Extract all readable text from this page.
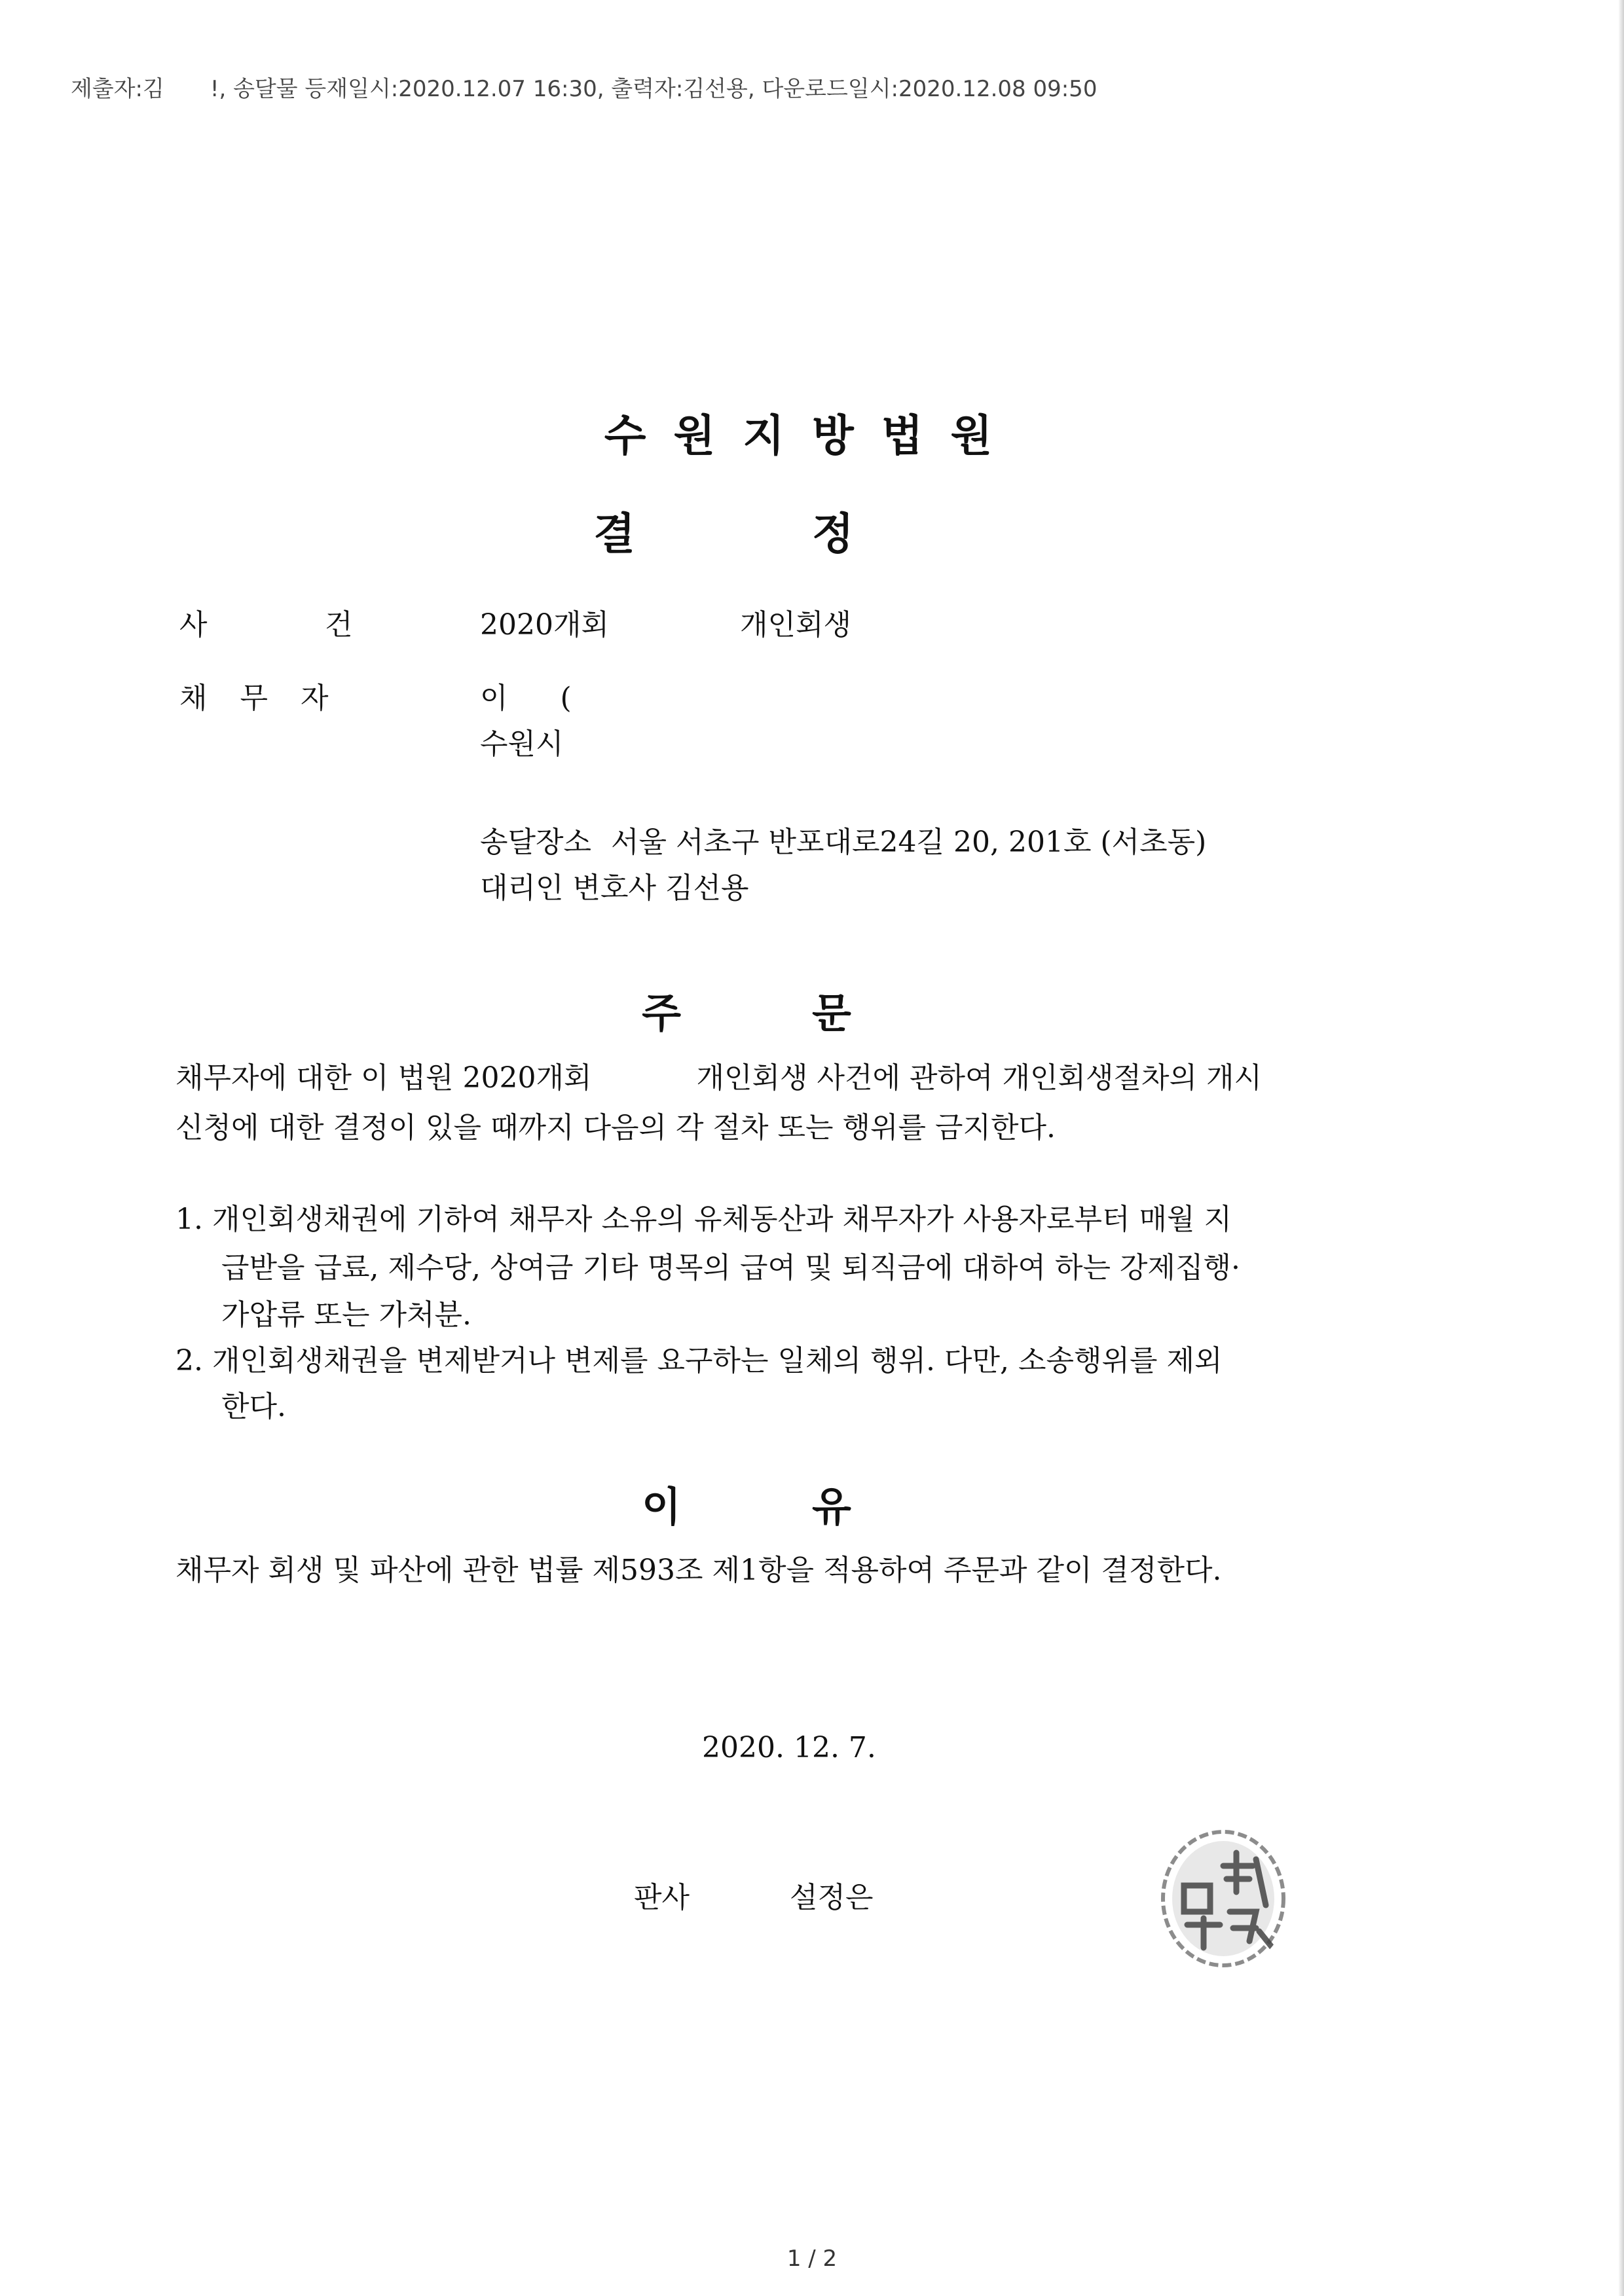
제출자:김 !, 송달물 등재일시:2020.12.07 16:30, 출력자:김선용, 다운로드일시:2020.12.08 09:50
수원지방법원
결정
사	건	2020개회	개인회생
채무자	이 (
수원시
송달장소 서울 서초구 반포대로24길 20, 201호 (서초동)
대리인 변호사 김선용
주문
채무자에 대한 이 법원 2020개회	개인회생 사건에 관하여 개인회생절차의 개시
신청에 대한 결정이 있을 때까지 다음의 각 절차 또는 행위를 금지한다.
1. 개인회생채권에 기하여 채무자 소유의 유체동산과 채무자가 사용자로부터 매월 지
급받을 급료, 제수당, 상여금 기타 명목의 급여 및 퇴직금에 대하여 하는 강제집행·
가압류 또는 가처분.
2. 개인회생채권을 변제받거나 변제를 요구하는 일체의 행위. 다만, 소송행위를 제외
한다.
이유
채무자 회생 및 파산에 관한 법률 제593조 제1항을 적용하여 주문과 같이 결정한다.
2020. 12. 7.
판사	설정은
1 / 2
